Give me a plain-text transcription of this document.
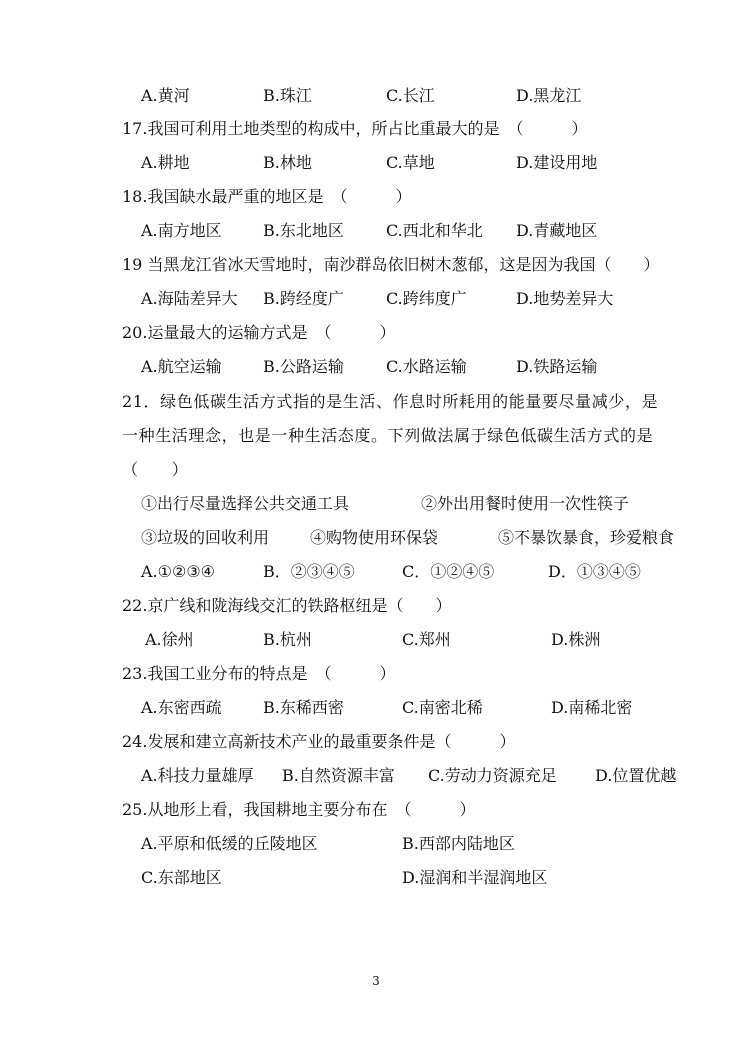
A.黄河	B.珠江	C.长江	D.黑龙江
17.我国可利用土地类型的构成中，所占比重最大的是　（　　　）
A.耕地	B.林地	C.草地	D.建设用地
18.我国缺水最严重的地区是　（　　　）
A.南方地区	B.东北地区	C.西北和华北 D.青藏地区
19 当黑龙江省冰天雪地时，南沙群岛依旧树木葱郁，这是因为我国（　　）
A.海陆差异大 B.跨经度广	C.跨纬度广	D.地势差异大
20.运量最大的运输方式是　（　　　）
A.航空运输	B.公路运输	C.水路运输	D.铁路运输
21．绿色低碳生活方式指的是生活、作息时所耗用的能量要尽量减少，是
一种生活理念，也是一种生活态度。下列做法属于绿色低碳生活方式的是
（　　）
①出行尽量选择公共交通工具	②外出用餐时使用一次性筷子
③垃圾的回收利用	④购物使用环保袋	⑤不暴饮暴食，珍爱粮食
A.①②③④	B．②③④⑤	C．①②④⑤	D．①③④⑤
22.京广线和陇海线交汇的铁路枢纽是（　　）
A.徐州	B.杭州	C.郑州	D.株洲
23.我国工业分布的特点是　（　　　）
A.东密西疏	B.东稀西密	C.南密北稀	D.南稀北密
24.发展和建立高新技术产业的最重要条件是（　　　）
A.科技力量雄厚 B.自然资源丰富 C.劳动力资源充足 D.位置优越
25.从地形上看，我国耕地主要分布在　（　　　）
A.平原和低缓的丘陵地区	B.西部内陆地区
C.东部地区	D.湿润和半湿润地区
3
